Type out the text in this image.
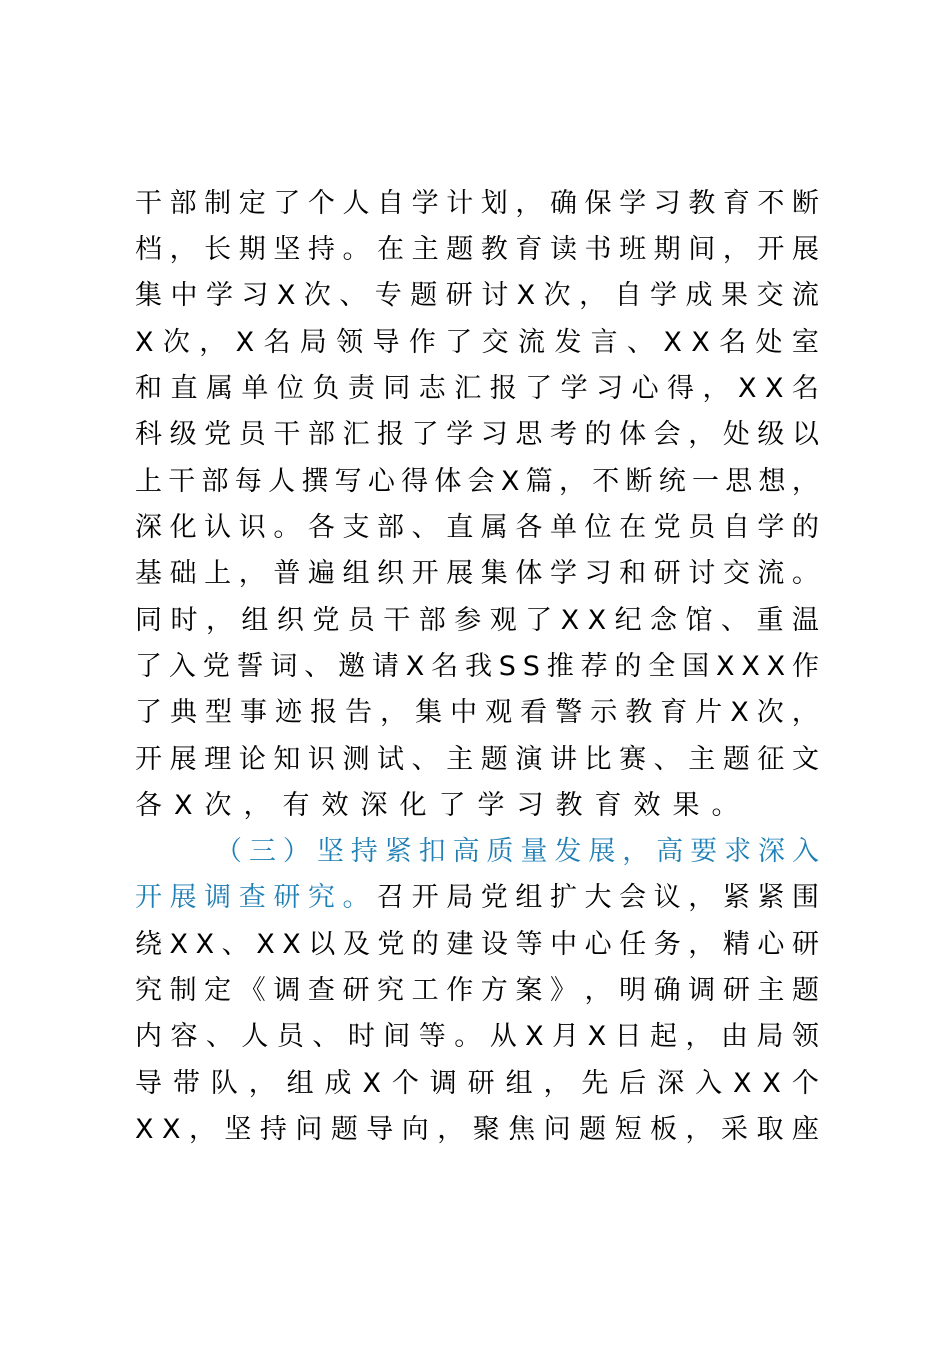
干 部 制 定 了 个 人 自 学 计 划 ， 确 保 学 习 教 育 不 断
档 ， 长 期 坚 持 。 在 主 题 教 育 读 书 班 期 间 ， 开 展
集 中 学 习 X 次 、 专 题 研 讨 X 次 ， 自 学 成 果 交 流
X 次 ， X 名 局 领 导 作 了 交 流 发 言 、 X X 名 处 室
和 直 属 单 位 负 责 同 志 汇 报 了 学 习 心 得 ， X X 名
科 级 党 员 干 部 汇 报 了 学 习 思 考 的 体 会 ， 处 级 以
上 干 部 每 人 撰 写 心 得 体 会 X 篇 ， 不 断 统 一 思 想 ，
深 化 认 识 。 各 支 部 、 直 属 各 单 位 在 党 员 自 学 的
基 础 上 ， 普 遍 组 织 开 展 集 体 学 习 和 研 讨 交 流 。
同 时 ， 组 织 党 员 干 部 参 观 了 X X 纪 念 馆 、 重 温
了 入 党 誓 词 、 邀 请 X 名 我 S S 推 荐 的 全 国 X X X 作
了 典 型 事 迹 报 告 ， 集 中 观 看 警 示 教 育 片 X 次 ，
开 展 理 论 知 识 测 试 、 主 题 演 讲 比 赛 、 主 题 征 文
各X次，有效深化了学习教育效果。
（ 三 ） 坚 持 紧 扣 高 质 量 发 展 ， 高 要 求 深 入
开 展 调 查 研 究 。 召 开 局 党 组 扩 大 会 议 ， 紧 紧 围
绕 X X 、 X X 以 及 党 的 建 设 等 中 心 任 务 ， 精 心 研
究 制 定 《 调 查 研 究 工 作 方 案 》 ， 明 确 调 研 主 题
内 容 、 人 员 、 时 间 等 。 从 X 月 X 日 起 ， 由 局 领
导 带 队 ， 组 成 X 个 调 研 组 ， 先 后 深 入 X X 个
X X ， 坚 持 问 题 导 向 ， 聚 焦 问 题 短 板 ， 采 取 座
